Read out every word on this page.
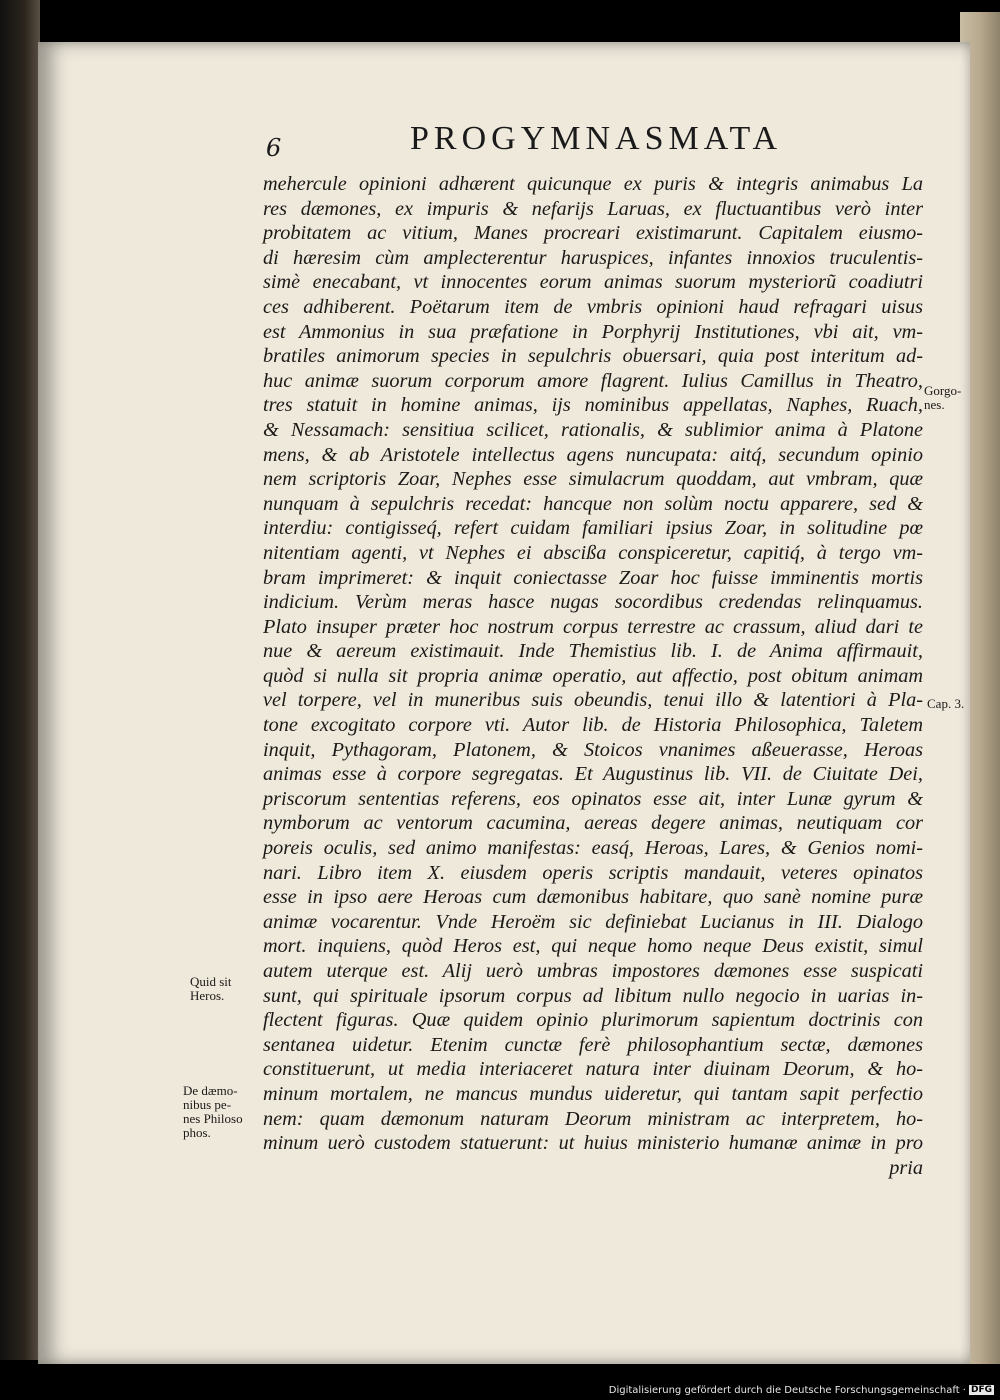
6	PROGYMNASMATA
mehercule opinioni adhærent quicunque ex puris & integris animabus La
res dæmones, ex impuris & nefarijs Laruas, ex fluctuantibus verò inter
probitatem ac vitium, Manes procreari existimarunt. Capitalem eiusmo-
di hæresim cùm amplecterentur haruspices, infantes innoxios truculentis-
simè enecabant, vt innocentes eorum animas suorum mysteriorũ coadiutri
ces adhiberent. Poëtarum item de vmbris opinioni haud refragari uisus
est Ammonius in sua præfatione in Porphyrij Institutiones, vbi ait, vm-
bratiles animorum species in sepulchris obuersari, quia post interitum ad-
huc animæ suorum corporum amore flagrent. Iulius Camillus in Theatro,
tres statuit in homine animas, ijs nominibus appellatas, Naphes, Ruach,
& Nessamach: sensitiua scilicet, rationalis, & sublimior anima à Platone
mens, & ab Aristotele intellectus agens nuncupata: aitq́, secundum opinio
nem scriptoris Zoar, Nephes esse simulacrum quoddam, aut vmbram, quæ
nunquam à sepulchris recedat: hancque non solùm noctu apparere, sed &
interdiu: contigisseq́, refert cuidam familiari ipsius Zoar, in solitudine pœ
nitentiam agenti, vt Nephes ei abscißa conspiceretur, capitiq́, à tergo vm-
bram imprimeret: & inquit coniectasse Zoar hoc fuisse imminentis mortis
indicium. Verùm meras hasce nugas socordibus credendas relinquamus.
Plato insuper præter hoc nostrum corpus terrestre ac crassum, aliud dari te
nue & aereum existimauit. Inde Themistius lib. I. de Anima affirmauit,
quòd si nulla sit propria animæ operatio, aut affectio, post obitum animam
vel torpere, vel in muneribus suis obeundis, tenui illo & latentiori à Pla-
tone excogitato corpore vti. Autor lib. de Historia Philosophica, Taletem
inquit, Pythagoram, Platonem, & Stoicos vnanimes aßeuerasse, Heroas
animas esse à corpore segregatas. Et Augustinus lib. VII. de Ciuitate Dei,
priscorum sententias referens, eos opinatos esse ait, inter Lunæ gyrum &
nymborum ac ventorum cacumina, aereas degere animas, neutiquam cor
poreis oculis, sed animo manifestas: easq́, Heroas, Lares, & Genios nomi-
nari. Libro item X. eiusdem operis scriptis mandauit, veteres opinatos
esse in ipso aere Heroas cum dæmonibus habitare, quo sanè nomine puræ
animæ vocarentur. Vnde Heroëm sic definiebat Lucianus in III. Dialogo
mort. inquiens, quòd Heros est, qui neque homo neque Deus existit, simul
autem uterque est. Alij uerò umbras impostores dæmones esse suspicati
sunt, qui spirituale ipsorum corpus ad libitum nullo negocio in uarias in-
flectent figuras. Quæ quidem opinio plurimorum sapientum doctrinis con
sentanea uidetur. Etenim cunctæ ferè philosophantium sectæ, dæmones
constituerunt, ut media interiaceret natura inter diuinam Deorum, & ho-
minum mortalem, ne mancus mundus uideretur, qui tantam sapit perfectio
nem: quam dæmonum naturam Deorum ministram ac interpretem, ho-
minum uerò custodem statuerunt: ut huius ministerio humanæ animæ in pro
pria
Gorgo-
nes.
Cap. 3.
Quid sit
Heros.
De dæmo-
nibus pe-
nes Philoso
phos.
Digitalisierung gefördert durch die Deutsche Forschungsgemeinschaft · DFG
